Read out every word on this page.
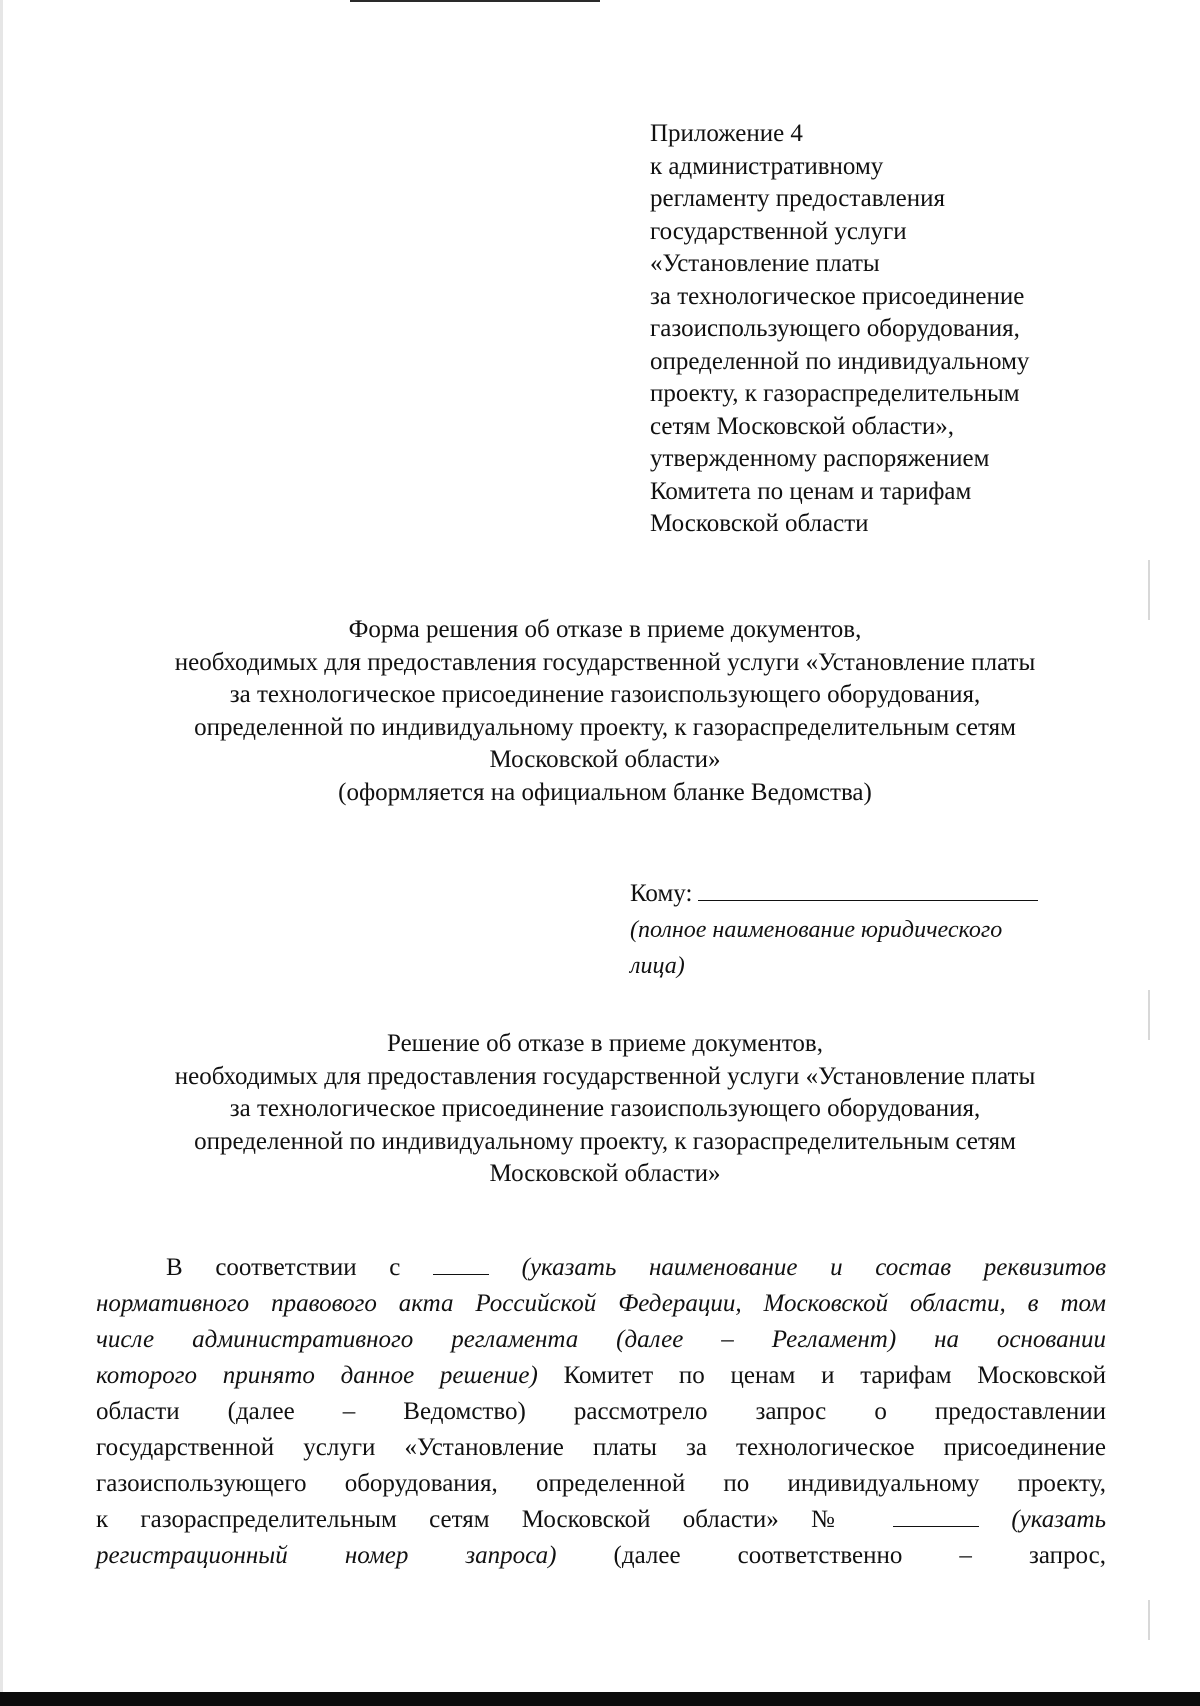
Приложение 4
к административному
регламенту предоставления
государственной услуги
«Установление платы
за технологическое присоединение
газоиспользующего оборудования,
определенной по индивидуальному
проекту, к газораспределительным
сетям Московской области»,
утвержденному распоряжением
Комитета по ценам и тарифам
Московской области
Форма решения об отказе в приеме документов,
необходимых для предоставления государственной услуги «Установление платы
за технологическое присоединение газоиспользующего оборудования,
определенной по индивидуальному проекту, к газораспределительным сетям
Московской области»
(оформляется на официальном бланке Ведомства)
Кому:
(полное наименование юридического
лица)
Решение об отказе в приеме документов,
необходимых для предоставления государственной услуги «Установление платы
за технологическое присоединение газоиспользующего оборудования,
определенной по индивидуальному проекту, к газораспределительным сетям
Московской области»
В соответствии с	(указать наименование и состав реквизитов
нормативного правового акта Российской Федерации, Московской области, в том
числе административного регламента (далее – Регламент) на основании
которого принято данное решение) Комитет по ценам и тарифам Московской
области (далее – Ведомство) рассмотрело запрос о предоставлении
государственной услуги «Установление платы за технологическое присоединение
газоиспользующего оборудования, определенной по индивидуальному проекту,
к газораспределительным сетям Московской области» №	(указать
регистрационный номер запроса) (далее соответственно – запрос,
